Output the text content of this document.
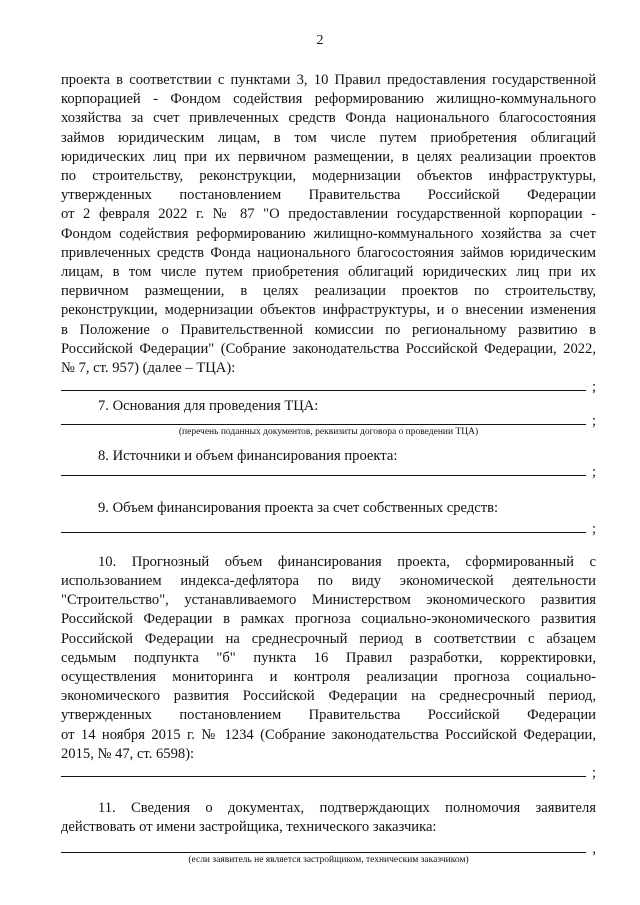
2

проекта в соответствии с пунктами 3, 10 Правил предоставления государственной

корпорацией - Фондом содействия реформированию жилищно-коммунального

хозяйства за счет привлеченных средств Фонда национального благосостояния

займов юридическим лицам, в том числе путем приобретения облигаций

юридических лиц при их первичном размещении, в целях реализации проектов

по строительству, реконструкции, модернизации объектов инфраструктуры,

утвержденных постановлением Правительства Российской Федерации

от 2 февраля 2022 г. № 87 "О предоставлении государственной корпорации -

Фондом содействия реформированию жилищно-коммунального хозяйства за счет

привлеченных средств Фонда национального благосостояния займов юридическим

лицам, в том числе путем приобретения облигаций юридических лиц при их

первичном размещении, в целях реализации проектов по строительству,

реконструкции, модернизации объектов инфраструктуры, и о внесении изменения

в Положение о Правительственной комиссии по региональному развитию в

Российской Федерации" (Собрание законодательства Российской Федерации, 2022,

№ 7, ст. 957) (далее – ТЦА):

;

7. Основания для проведения ТЦА:

;

(перечень поданных документов, реквизиты договора о проведении ТЦА)

8. Источники и объем финансирования проекта:

;

9. Объем финансирования проекта за счет собственных средств:

;

10. Прогнозный объем финансирования проекта, сформированный с

использованием индекса-дефлятора по виду экономической деятельности

"Строительство", устанавливаемого Министерством экономического развития

Российской Федерации в рамках прогноза социально-экономического развития

Российской Федерации на среднесрочный период в соответствии с абзацем

седьмым подпункта "б" пункта 16 Правил разработки, корректировки,

осуществления мониторинга и контроля реализации прогноза социально-

экономического развития Российской Федерации на среднесрочный период,

утвержденных постановлением Правительства Российской Федерации

от 14 ноября 2015 г. № 1234 (Собрание законодательства Российской Федерации,

2015, № 47, ст. 6598):

;

11. Сведения о документах, подтверждающих полномочия заявителя

действовать от имени застройщика, технического заказчика:

,

(если заявитель не является застройщиком, техническим заказчиком)
